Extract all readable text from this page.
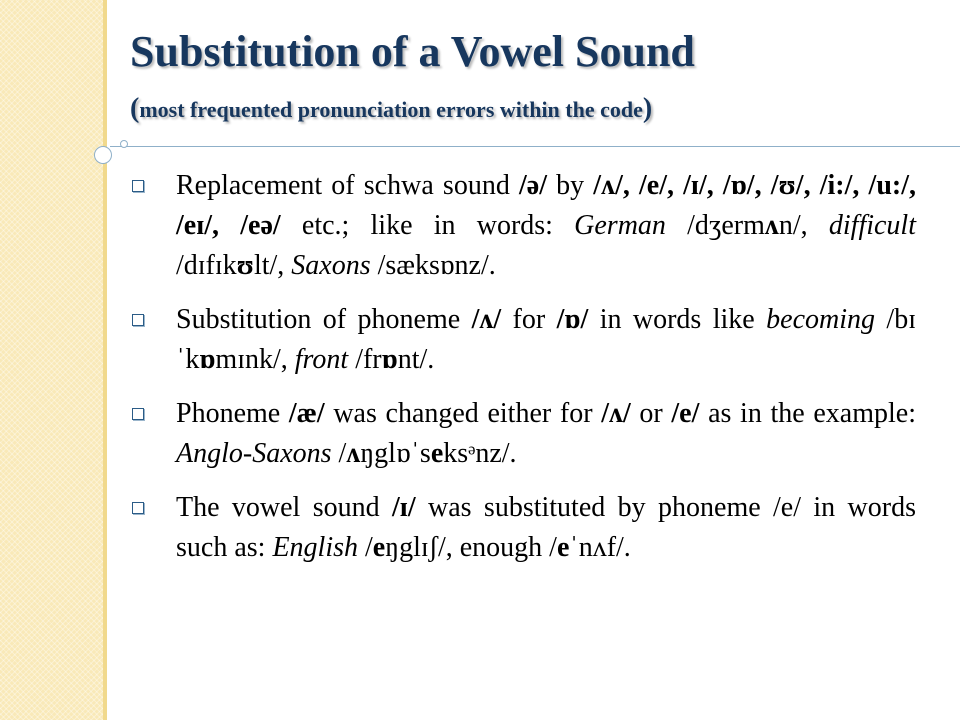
Substitution of a Vowel Sound

(most frequented pronunciation errors within the code)

Replacement of schwa sound /ə/ by /ʌ/, /e/, /ɪ/, /ɒ/, /ʊ/, /i:/, /u:/, /eɪ/, /eə/ etc.; like in words: German /dʒermʌn/, difficult /dɪfɪkʊlt/, Saxons /sæksɒnz/.
Substitution of phoneme /ʌ/ for /ɒ/ in words like becoming /bɪˈkɒmɪnk/, front /frɒnt/.
Phoneme /æ/ was changed either for /ʌ/ or /e/ as in the example: Anglo-Saxons /ʌŋglɒˈseksᵊnz/.
The vowel sound /ɪ/ was substituted by phoneme /e/ in words such as: English /eŋglɪʃ/, enough /eˈnʌf/.
